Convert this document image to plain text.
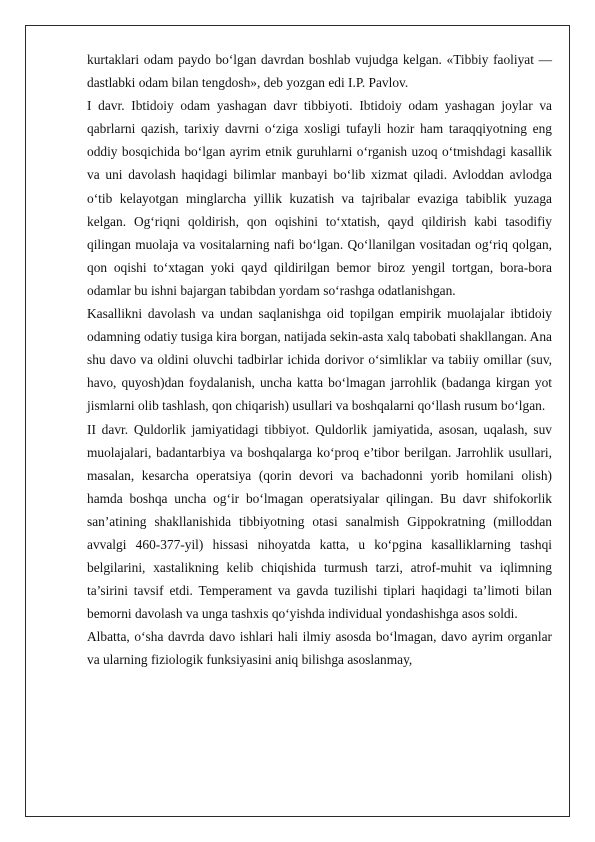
kurtaklari odam paydo bo‘lgan davrdan boshlab vujudga kelgan. «Tibbiy faoliyat — dastlabki odam bilan tengdosh», deb yozgan edi I.P. Pavlov.

I davr. Ibtidoiy odam yashagan davr tibbiyoti. Ibtidoiy odam yashagan joylar va qabrlarni qazish, tarixiy davrni o‘ziga xosligi tufayli hozir ham taraqqiyotning eng oddiy bosqichida bo‘lgan ayrim etnik guruhlarni o‘rganish uzoq o‘tmishdagi kasallik va uni davolash haqidagi bilimlar manbayi bo‘lib xizmat qiladi. Avloddan avlodga o‘tib kelayotgan minglarcha yillik kuzatish va tajribalar evaziga tabiblik yuzaga kelgan. Og‘riqni qoldirish, qon oqishini to‘xtatish, qayd qildirish kabi tasodifiy qilingan muolaja va vositalarning nafi bo‘lgan. Qo‘llanilgan vositadan og‘riq qolgan, qon oqishi to‘xtagan yoki qayd qildirilgan bemor biroz yengil tortgan, bora-bora odamlar bu ishni bajargan tabibdan yordam so‘rashga odatlanishgan.

Kasallikni davolash va undan saqlanishga oid topilgan empirik muolajalar ibtidoiy odamning odatiy tusiga kira borgan, natijada sekin-asta xalq tabobati shakllangan. Ana shu davo va oldini oluvchi tadbirlar ichida dorivor o‘simliklar va tabiiy omillar (suv, havo, quyosh)dan foydalanish, uncha katta bo‘lmagan jarrohlik (badanga kirgan yot jismlarni olib tashlash, qon chiqarish) usullari va boshqalarni qo‘llash rusum bo‘lgan.

II davr. Quldorlik jamiyatidagi tibbiyot. Quldorlik jamiyatida, asosan, uqalash, suv muolajalari, badantarbiya va boshqalarga ko‘proq e’tibor berilgan. Jarrohlik usullari, masalan, kesarcha operatsiya (qorin devori va bachadonni yorib homilani olish) hamda boshqa uncha og‘ir bo‘lmagan operatsiyalar qilingan. Bu davr shifokorlik san’atining shakllanishida tibbiyotning otasi sanalmish Gippokratning (milloddan avvalgi 460-377-yil) hissasi nihoyatda katta, u ko‘pgina kasalliklarning tashqi belgilarini, xastalikning kelib chiqishida turmush tarzi, atrof-muhit va iqlimning ta’sirini tavsif etdi. Temperament va gavda tuzilishi tiplari haqidagi ta’limoti bilan bemorni davolash va unga tashxis qo‘yishda individual yondashishga asos soldi.

Albatta, o‘sha davrda davo ishlari hali ilmiy asosda bo‘lmagan, davo ayrim organlar va ularning fiziologik funksiyasini aniq bilishga asoslanmay,
